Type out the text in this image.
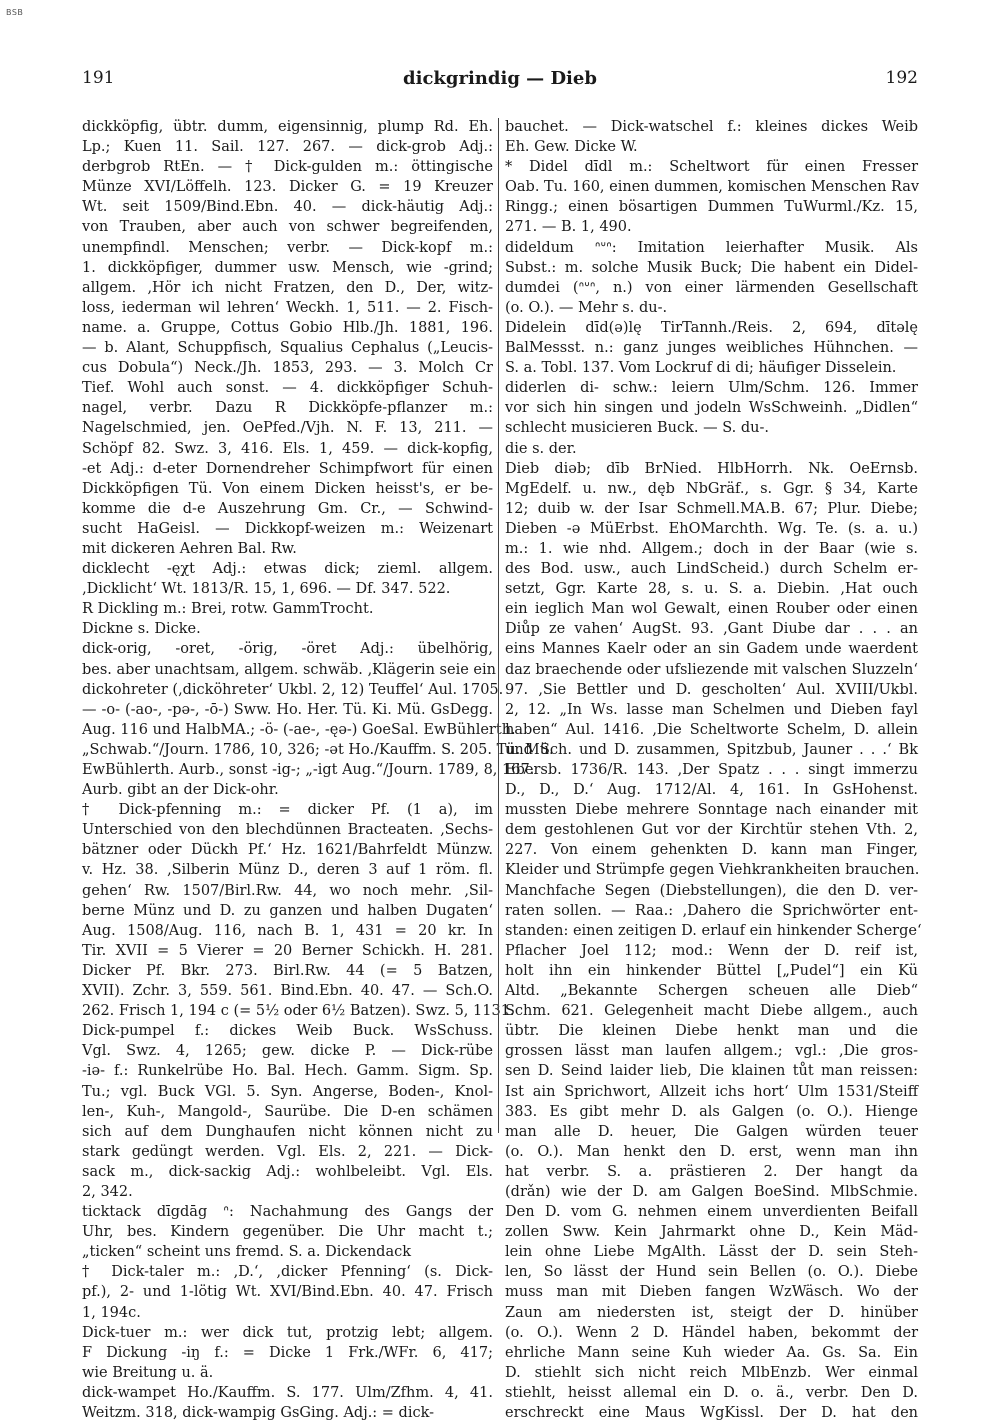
BSB
191	dickgrindig — Dieb	192
dickköpfig, übtr. dumm, eigensinnig, plump Rd. Eh.
Lp.; Kuen 11. Sail. 127. 267. — dick-grob Adj.:
derbgrob RtEn. — † Dick-gulden m.: öttingische
Münze XVI/Löffelh. 123. Dicker G. = 19 Kreuzer
Wt. seit 1509/Bind.Ebn. 40. — dick-häutig Adj.:
von Trauben, aber auch von schwer begreifenden,
unempfindl. Menschen; verbr. — Dick-kopf m.:
1. dickköpfiger, dummer usw. Mensch, wie -grind;
allgem. ‚Hör ich nicht Fratzen, den D., Der, witz-
loss, iederman wil lehren‘ Weckh. 1, 511. — 2. Fisch-
name. a. Gruppe, Cottus Gobio Hlb./Jh. 1881, 196.
— b. Alant, Schuppfisch, Squalius Cephalus („Leucis-
cus Dobula“) Neck./Jh. 1853, 293. — 3. Molch Cr
Tief. Wohl auch sonst. — 4. dickköpfiger Schuh-
nagel, verbr. Dazu R Dickköpfe-pflanzer m.:
Nagelschmied, jen. OePfed./Vjh. N. F. 13, 211. —
Schöpf 82. Swz. 3, 416. Els. 1, 459. — dick-kopfig,
-et Adj.: d-eter Dornendreher Schimpfwort für einen
Dickköpfigen Tü. Von einem Dicken heisst's, er be-
komme die d-e Auszehrung Gm. Cr., — Schwind-
sucht HaGeisl. — Dickkopf-weizen m.: Weizenart
mit dickeren Aehren Bal. Rw.
dicklecht -ęχt Adj.: etwas dick; zieml. allgem.
‚Dicklicht‘ Wt. 1813/R. 15, 1, 696. — Df. 347. 522.
R Dickling m.: Brei, rotw. GammTrocht.
Dickne s. Dicke.
dick-orig, -oret, -örig, -öret Adj.: übelhörig,
bes. aber unachtsam, allgem. schwäb. ‚Klägerin seie ein
dickohreter (‚dicköhreter‘ Ukbl. 2, 12) Teuffel‘ Aul. 1705.
— -o- (-ao-, -pə-, -ō-) Sww. Ho. Her. Tü. Ki. Mü. GsDegg.
Aug. 116 und HalbMA.; -ö- (-ae-, -ęə-) GoeSal. EwBühlerth.
„Schwab.“/Journ. 1786, 10, 326; -ət Ho./Kauffm. S. 205. Tü. Mü.
EwBühlerth. Aurb., sonst -ig-; „-igt Aug.“/Journ. 1789, 8, 167.
Aurb. gibt an der Dick-ohr.
† Dick-pfenning m.: = dicker Pf. (1 a), im
Unterschied von den blechdünnen Bracteaten. ‚Sechs-
bätzner oder Dückh Pf.‘ Hz. 1621/Bahrfeldt Münzw.
v. Hz. 38. ‚Silberin Münz D., deren 3 auf 1 röm. fl.
gehen‘ Rw. 1507/Birl.Rw. 44, wo noch mehr. ‚Sil-
berne Münz und D. zu ganzen und halben Dugaten‘
Aug. 1508/Aug. 116, nach B. 1, 431 = 20 kr. In
Tir. XVII = 5 Vierer = 20 Berner Schickh. H. 281.
Dicker Pf. Bkr. 273. Birl.Rw. 44 (= 5 Batzen,
XVII). Zchr. 3, 559. 561. Bind.Ebn. 40. 47. — Sch.O.
262. Frisch 1, 194 c (= 5½ oder 6½ Batzen). Swz. 5, 1131.
Dick-pumpel f.: dickes Weib Buck. WsSchuss.
Vgl. Swz. 4, 1265; gew. dicke P. — Dick-rübe
-iə- f.: Runkelrübe Ho. Bal. Hech. Gamm. Sigm. Sp.
Tu.; vgl. Buck VGl. 5. Syn. Angerse, Boden-, Knol-
len-, Kuh-, Mangold-, Saurübe. Die D-en schämen
sich auf dem Dunghaufen nicht können nicht zu
stark gedüngt werden. Vgl. Els. 2, 221. — Dick-
sack m., dick-sackig Adj.: wohlbeleibt. Vgl. Els.
2, 342.
ticktack dīgdāg ᐢ: Nachahmung des Gangs der
Uhr, bes. Kindern gegenüber. Die Uhr macht t.;
„ticken“ scheint uns fremd. S. a. Dickendack
† Dick-taler m.: ‚D.‘, ‚dicker Pfenning‘ (s. Dick-
pf.), 2- und 1-lötig Wt. XVI/Bind.Ebn. 40. 47. Frisch
1, 194c.
Dick-tuer m.: wer dick tut, protzig lebt; allgem.
F Dickung -iŋ f.: = Dicke 1 Frk./WFr. 6, 417;
wie Breitung u. ä.
dick-wampet Ho./Kauffm. S. 177. Ulm/Zfhm. 4, 41.
Weitzm. 318, dick-wampig GsGing. Adj.: = dick-
bauchet. — Dick-watschel f.: kleines dickes Weib
Eh. Gew. Dicke W.
* Didel dīdl m.: Scheltwort für einen Fresser
Oab. Tu. 160, einen dummen, komischen Menschen Rav
Ringg.; einen bösartigen Dummen TuWurml./Kz. 15,
271. — B. 1, 490.
dideldum ᐢᐡᐢ: Imitation leierhafter Musik. Als
Subst.: m. solche Musik Buck; Die habent ein Didel-
dumdei (ᐢᐡᐢ, n.) von einer lärmenden Gesellschaft
(o. O.). — Mehr s. du-.
Didelein dīd(ə)lę TirTannh./Reis. 2, 694, dītəlę
BalMessst. n.: ganz junges weibliches Hühnchen. —
S. a. Tobl. 137. Vom Lockruf di di; häufiger Disselein.
diderlen di- schw.: leiern Ulm/Schm. 126. Immer
vor sich hin singen und jodeln WsSchweinh. „Didlen“
schlecht musicieren Buck. — S. du-.
die s. der.
Dieb diəb; dīb BrNied. HlbHorrh. Nk. OeErnsb.
MgEdelf. u. nw., dęb NbGräf., s. Ggr. § 34, Karte
12; duib w. der Isar Schmell.MA.B. 67; Plur. Diebe;
Dieben -ə MüErbst. EhOMarchth. Wg. Te. (s. a. u.)
m.: 1. wie nhd. Allgem.; doch in der Baar (wie s.
des Bod. usw., auch LindScheid.) durch Schelm er-
setzt, Ggr. Karte 28, s. u. S. a. Diebin. ‚Hat ouch
ein ieglich Man wol Gewalt, einen Rouber oder einen
Diůp ze vahen‘ AugSt. 93. ‚Gant Diube dar . . . an
eins Mannes Kaelr oder an sin Gadem unde waerdent
daz braechende oder ufsliezende mit valschen Sluzzeln‘
97. ‚Sie Bettler und D. gescholten‘ Aul. XVIII/Ukbl.
2, 12. „In Ws. lasse man Schelmen und Dieben fayl
haben“ Aul. 1416. ‚Die Scheltworte Schelm, D. allein
und Sch. und D. zusammen, Spitzbub, Jauner . . .‘ Bk
Ebersb. 1736/R. 143. ‚Der Spatz . . . singt immerzu
D., D., D.‘ Aug. 1712/Al. 4, 161. In GsHohenst.
mussten Diebe mehrere Sonntage nach einander mit
dem gestohlenen Gut vor der Kirchtür stehen Vth. 2,
227. Von einem gehenkten D. kann man Finger,
Kleider und Strümpfe gegen Viehkrankheiten brauchen.
Manchfache Segen (Diebstellungen), die den D. ver-
raten sollen. — Raa.: ‚Dahero die Sprichwörter ent-
standen: einen zeitigen D. erlauf ein hinkender Scherge‘
Pflacher Joel 112; mod.: Wenn der D. reif ist,
holt ihn ein hinkender Büttel [„Pudel“] ein Kü
Altd. „Bekannte Schergen scheuen alle Dieb“
Schm. 621. Gelegenheit macht Diebe allgem., auch
übtr. Die kleinen Diebe henkt man und die
grossen lässt man laufen allgem.; vgl.: ‚Die gros-
sen D. Seind laider lieb, Die klainen tůt man reissen:
Ist ain Sprichwort, Allzeit ichs hort‘ Ulm 1531/Steiff
383. Es gibt mehr D. als Galgen (o. O.). Hienge
man alle D. heuer, Die Galgen würden teuer
(o. O.). Man henkt den D. erst, wenn man ihn
hat verbr. S. a. prästieren 2. Der hangt da
(drǎn) wie der D. am Galgen BoeSind. MlbSchmie.
Den D. vom G. nehmen einem unverdienten Beifall
zollen Sww. Kein Jahrmarkt ohne D., Kein Mäd-
lein ohne Liebe MgAlth. Lässt der D. sein Steh-
len, So lässt der Hund sein Bellen (o. O.). Diebe
muss man mit Dieben fangen WzWäsch. Wo der
Zaun am niedersten ist, steigt der D. hinüber
(o. O.). Wenn 2 D. Händel haben, bekommt der
ehrliche Mann seine Kuh wieder Aa. Gs. Sa. Ein
D. stiehlt sich nicht reich MlbEnzb. Wer einmal
stiehlt, heisst allemal ein D. o. ä., verbr. Den D.
erschreckt eine Maus WgKissl. Der D. hat den
